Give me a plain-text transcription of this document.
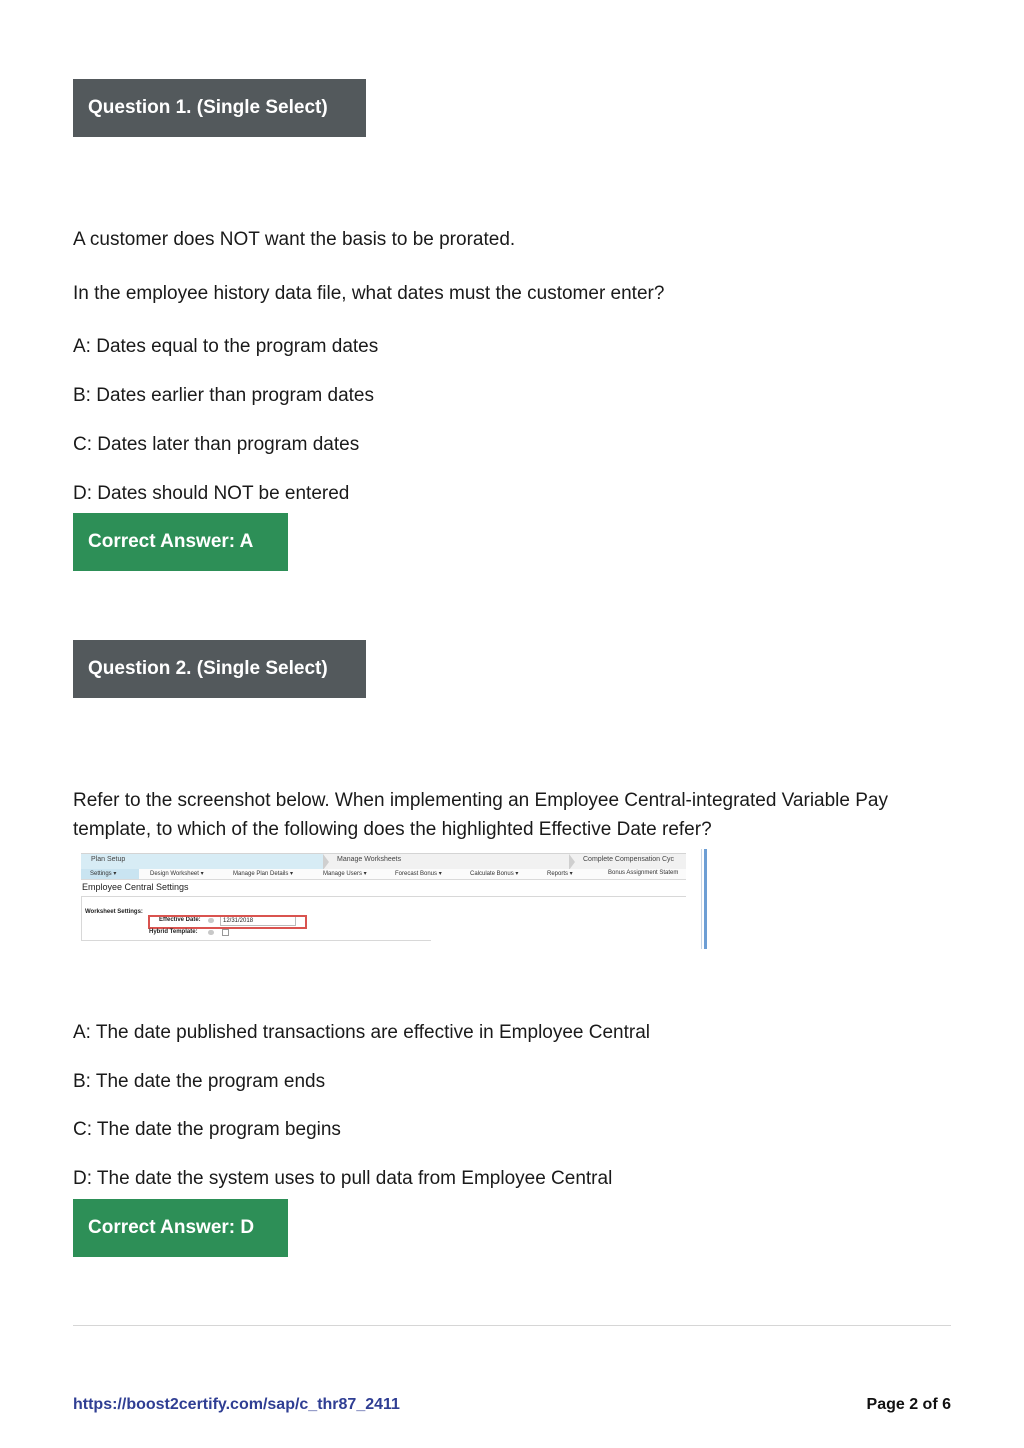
Question 1. (Single Select)
A customer does NOT want the basis to be prorated.
In the employee history data file, what dates must the customer enter?
A: Dates equal to the program dates
B: Dates earlier than program dates
C: Dates later than program dates
D: Dates should NOT be entered
Correct Answer: A
Question 2. (Single Select)
Refer to the screenshot below. When implementing an Employee Central-integrated Variable Pay template, to which of the following does the highlighted Effective Date refer?
Plan Setup	Manage Worksheets	Complete Compensation Cyc
Settings ▾	Design Worksheet ▾	Manage Plan Details ▾	Manage Users ▾	Forecast Bonus ▾	Calculate Bonus ▾	Reports ▾	Bonus Assignment Statem
Employee Central Settings
Worksheet Settings:
Effective Date:	12/31/2018
Hybrid Template:
A: The date published transactions are effective in Employee Central
B: The date the program ends
C: The date the program begins
D: The date the system uses to pull data from Employee Central
Correct Answer: D
https://boost2certify.com/sap/c_thr87_2411	Page 2 of 6
